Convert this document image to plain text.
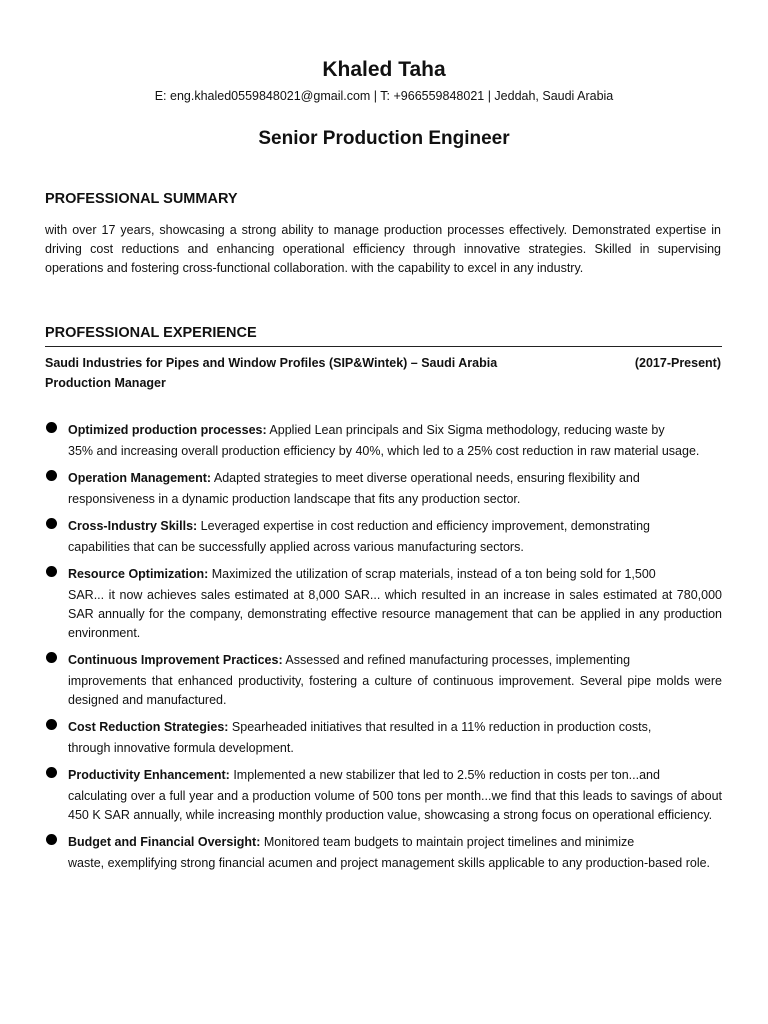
Khaled Taha
E: eng.khaled0559848021@gmail.com | T: +966559848021 | Jeddah, Saudi Arabia
Senior Production Engineer
PROFESSIONAL SUMMARY
with over 17 years, showcasing a strong ability to manage production processes effectively. Demonstrated expertise in driving cost reductions and enhancing operational efficiency through innovative strategies. Skilled in supervising operations and fostering cross-functional collaboration. with the capability to excel in any industry.
PROFESSIONAL EXPERIENCE
Saudi Industries for Pipes and Window Profiles (SIP&Wintek) – Saudi Arabia	(2017-Present)
Production Manager
Optimized production processes: Applied Lean principals and Six Sigma methodology, reducing waste by
35% and increasing overall production efficiency by 40%, which led to a 25% cost reduction in raw material usage.
Operation Management: Adapted strategies to meet diverse operational needs, ensuring flexibility and
responsiveness in a dynamic production landscape that fits any production sector.
Cross-Industry Skills: Leveraged expertise in cost reduction and efficiency improvement, demonstrating
capabilities that can be successfully applied across various manufacturing sectors.
Resource Optimization: Maximized the utilization of scrap materials, instead of a ton being sold for 1,500
SAR... it now achieves sales estimated at 8,000 SAR... which resulted in an increase in sales estimated at 780,000 SAR annually for the company, demonstrating effective resource management that can be applied in any production environment.
Continuous Improvement Practices: Assessed and refined manufacturing processes, implementing
improvements that enhanced productivity, fostering a culture of continuous improvement. Several pipe molds were designed and manufactured.
Cost Reduction Strategies: Spearheaded initiatives that resulted in a 11% reduction in production costs,
through innovative formula development.
Productivity Enhancement: Implemented a new stabilizer that led to 2.5% reduction in costs per ton...and
calculating over a full year and a production volume of 500 tons per month...we find that this leads to savings of about 450 K SAR annually, while increasing monthly production value, showcasing a strong focus on operational efficiency.
Budget and Financial Oversight: Monitored team budgets to maintain project timelines and minimize
waste, exemplifying strong financial acumen and project management skills applicable to any production-based role.
